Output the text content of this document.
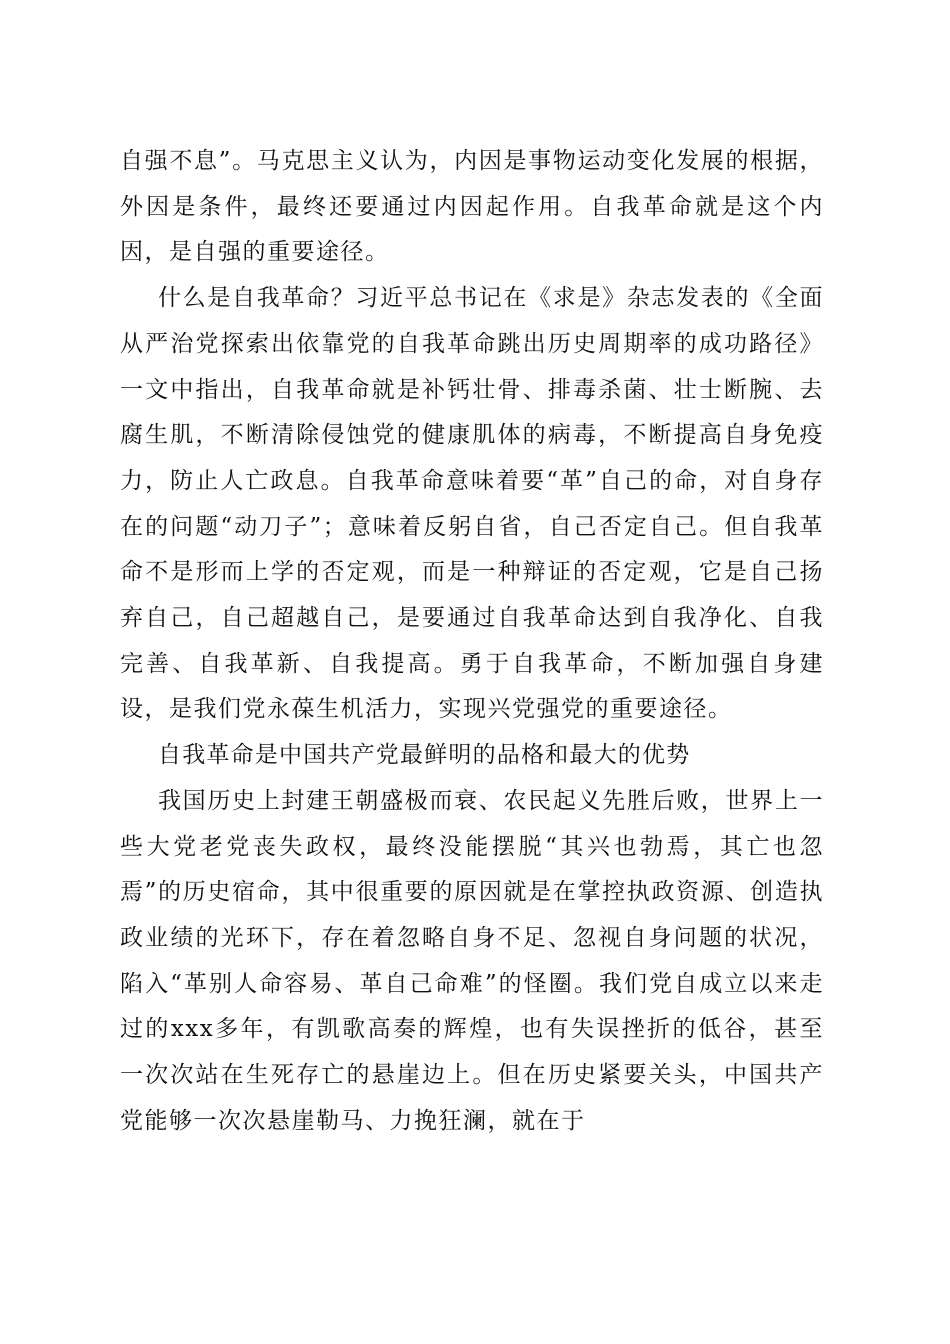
自强不息”。马克思主义认为，内因是事物运动变化发展的根据，外因是条件，最终还要通过内因起作用。自我革命就是这个内因，是自强的重要途径。

什么是自我革命？习近平总书记在《求是》杂志发表的《全面从严治党探索出依靠党的自我革命跳出历史周期率的成功路径》一文中指出，自我革命就是补钙壮骨、排毒杀菌、壮士断腕、去腐生肌，不断清除侵蚀党的健康肌体的病毒，不断提高自身免疫力，防止人亡政息。自我革命意味着要“革”自己的命，对自身存在的问题“动刀子”；意味着反躬自省，自己否定自己。但自我革命不是形而上学的否定观，而是一种辩证的否定观，它是自己扬弃自己，自己超越自己，是要通过自我革命达到自我净化、自我完善、自我革新、自我提高。勇于自我革命，不断加强自身建设，是我们党永葆生机活力，实现兴党强党的重要途径。

自我革命是中国共产党最鲜明的品格和最大的优势

我国历史上封建王朝盛极而衰、农民起义先胜后败，世界上一些大党老党丧失政权，最终没能摆脱“其兴也勃焉，其亡也忽焉”的历史宿命，其中很重要的原因就是在掌控执政资源、创造执政业绩的光环下，存在着忽略自身不足、忽视自身问题的状况，陷入“革别人命容易、革自己命难”的怪圈。我们党自成立以来走过的xxx多年，有凯歌高奏的辉煌，也有失误挫折的低谷，甚至一次次站在生死存亡的悬崖边上。但在历史紧要关头，中国共产党能够一次次悬崖勒马、力挽狂澜，就在于
